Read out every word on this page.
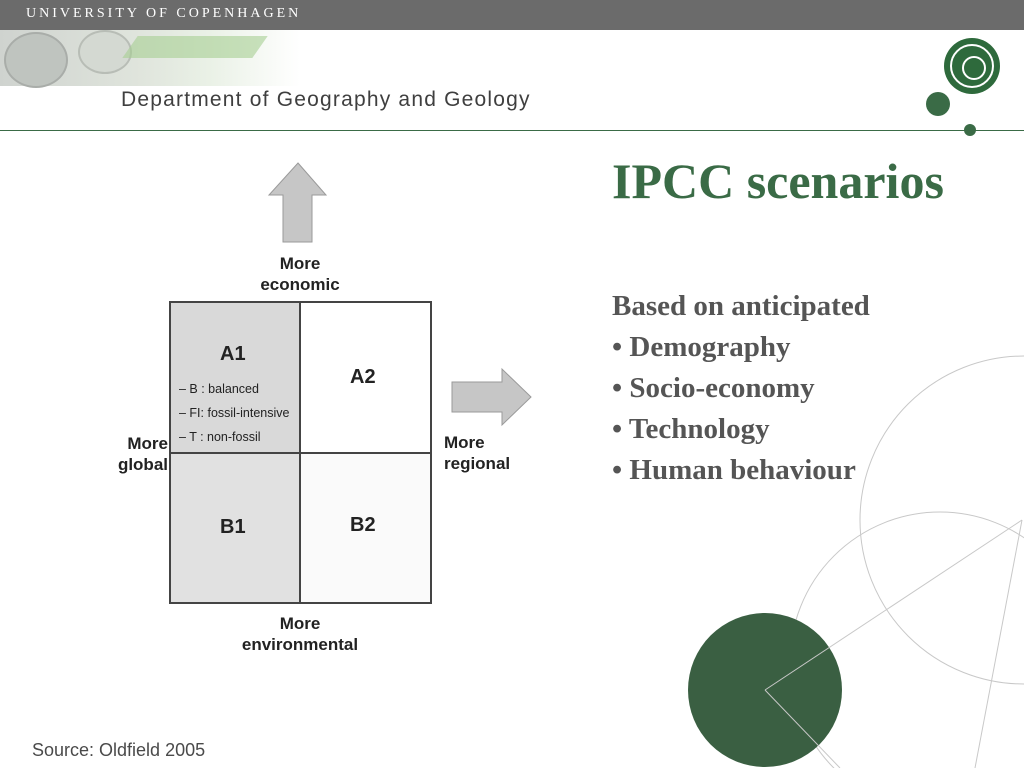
UNIVERSITY OF COPENHAGEN
Department of Geography and Geology
IPCC scenarios
Based on anticipated
• Demography
• Socio-economy
• Technology
• Human behaviour
More
economic
More
environmental
More
global
More
regional
A1
– B : balanced
– FI: fossil-intensive
– T : non-fossil
A2
B1	B2
Source: Oldfield 2005
